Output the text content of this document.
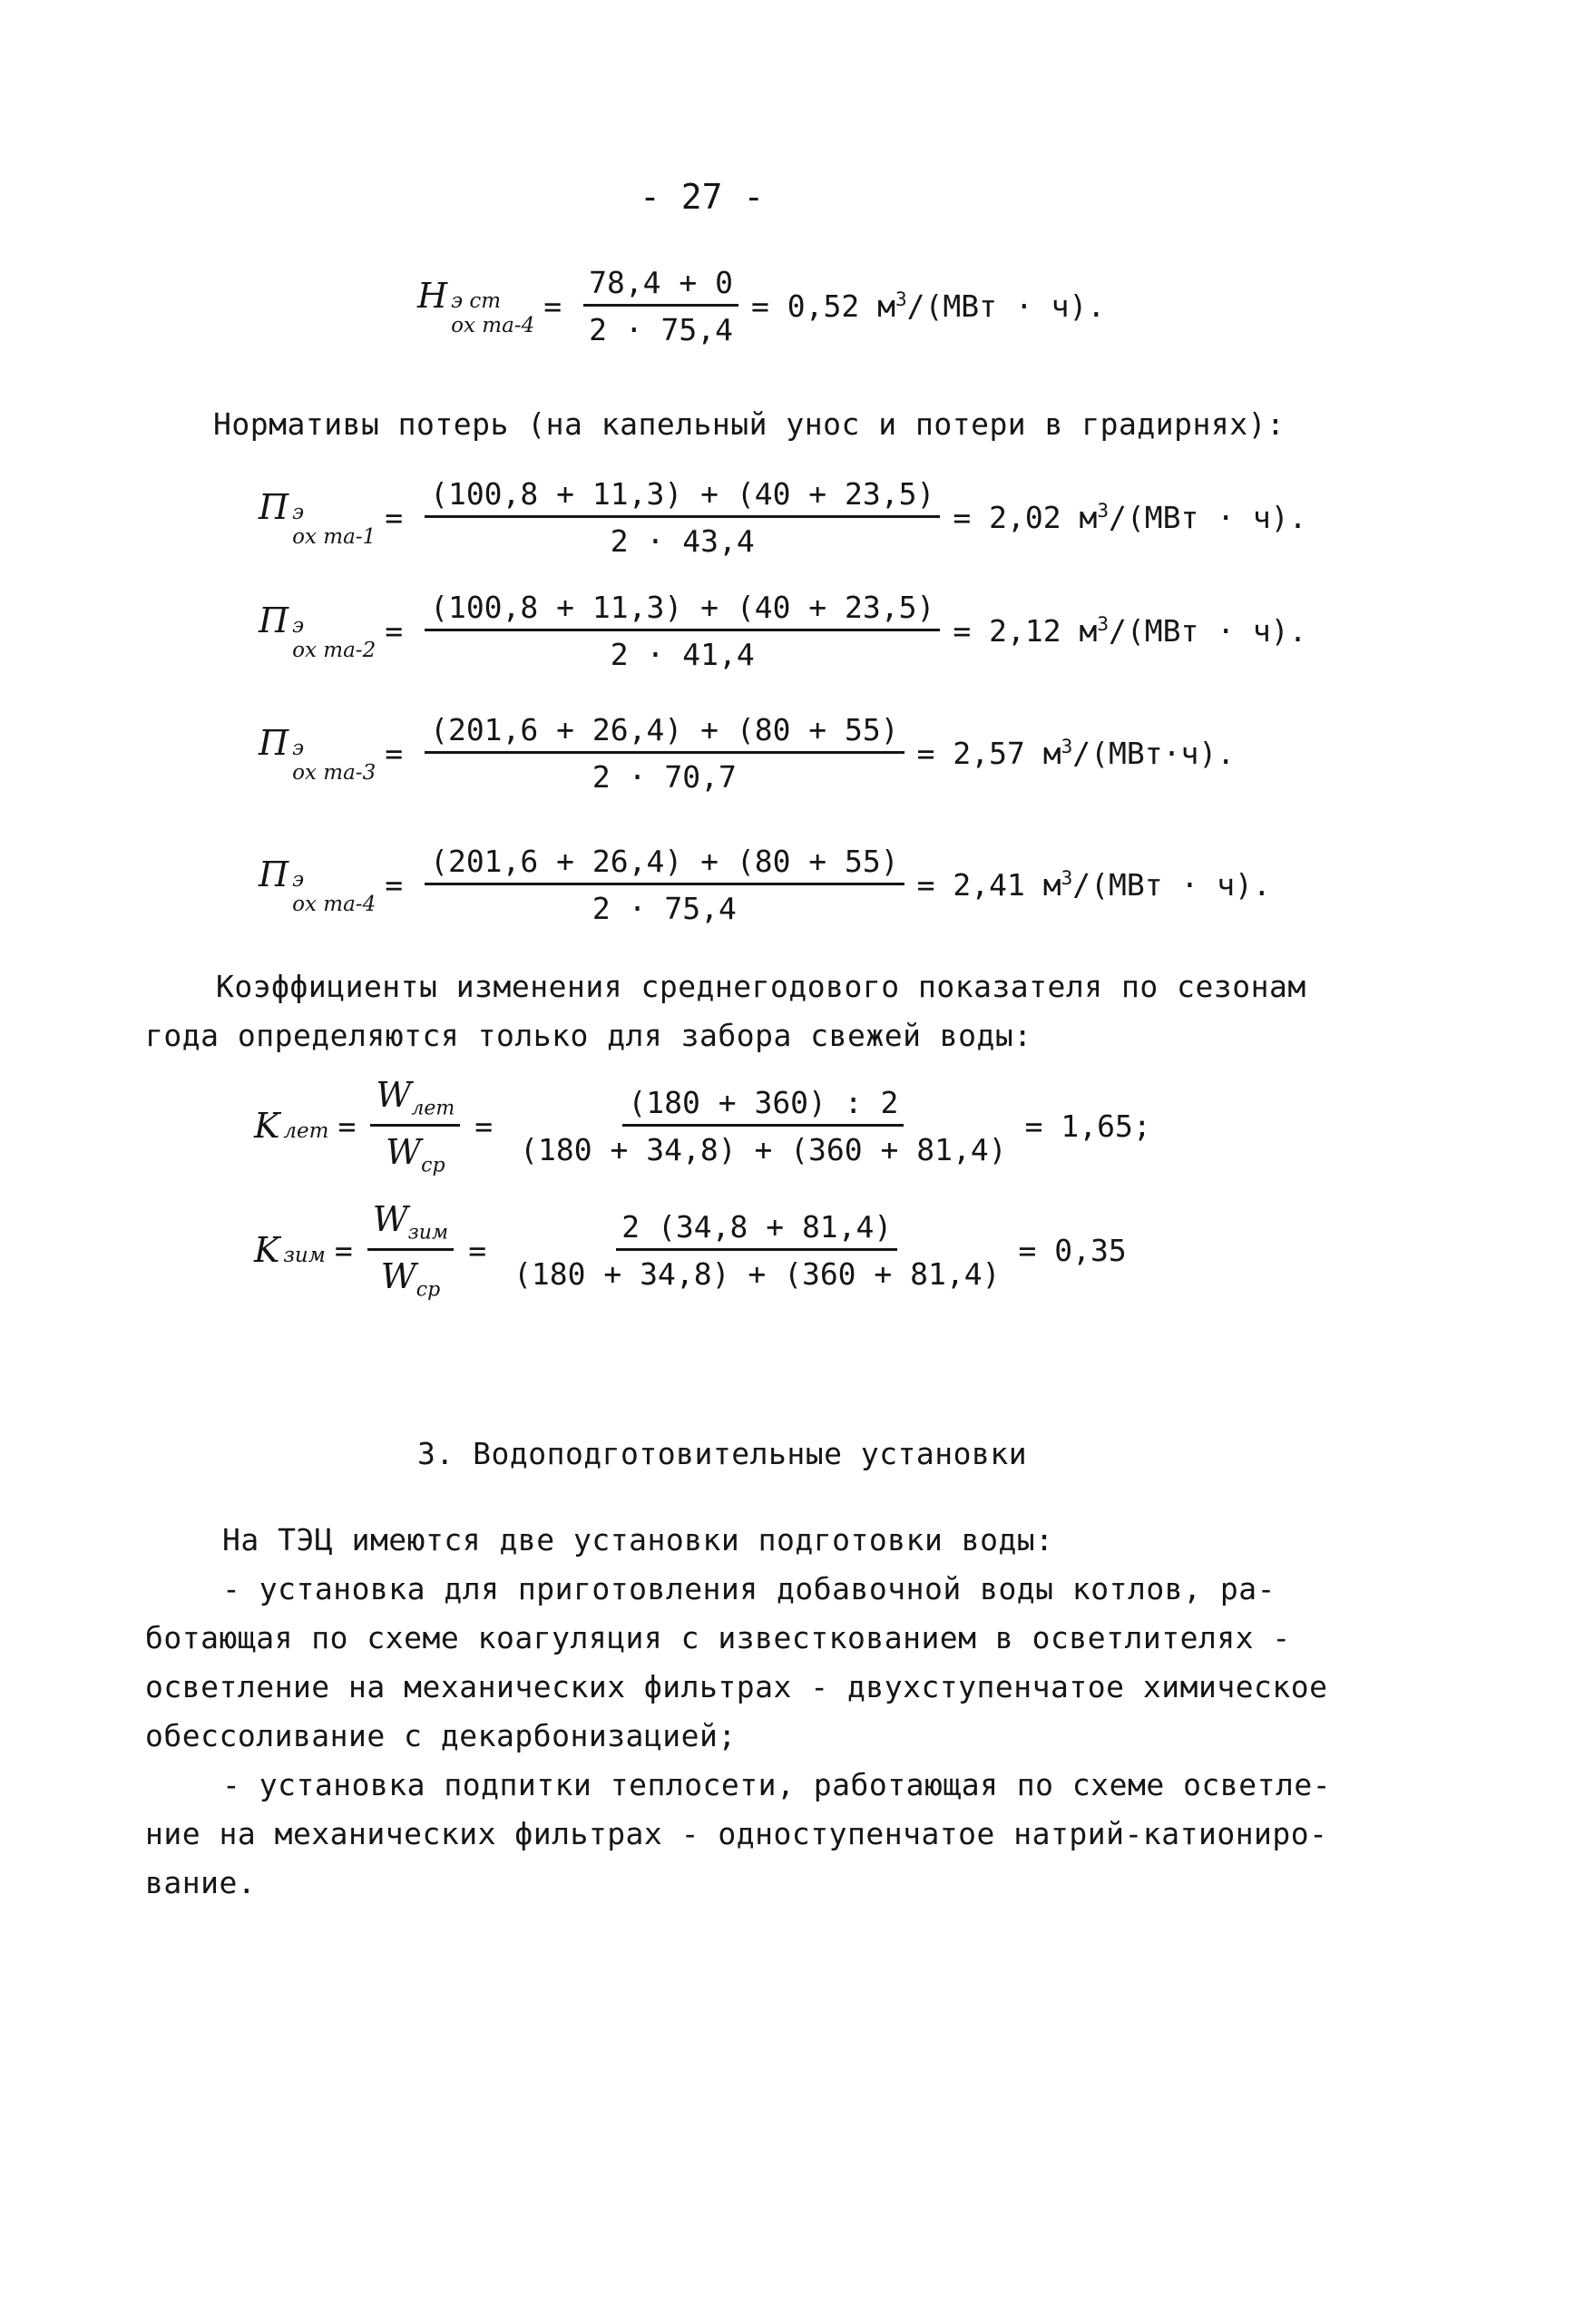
- 27 -
H э ст
ох та-4
= $\frac{78,4 + 0}{2 \cdot 75,4} = 0,52$ $м^3/(МВт \cdot ч)$.
Нормативы потерь (на капельный унос и потери в градирнях):
П э
ох та-1
= $\frac{(100,8 + 11,3) + (40 + 23,5)}{2 \cdot 43,4} = 2,02$ $м^3/(МВт \cdot ч)$.
П э
ох та-2
= $\frac{(100,8 + 11,3) + (40 + 23,5)}{2 \cdot 41,4} = 2,12$ $м^3/(МВт \cdot ч)$.
П э
ох та-3
= $\frac{(201,6 + 26,4) + (80 + 55)}{2 \cdot 70,7} = 2,57$ $м^3/(МВт\cdot ч)$.
П э
ох та-4
= $\frac{(201,6 + 26,4) + (80 + 55)}{2 \cdot 75,4} = 2,41$ $м^3/(МВт \cdot ч)$.
Коэффициенты изменения среднегодового показателя по сезонам
года определяются только для забора свежей воды:
K лет = $\frac{W_{лет}}{W_{ср}} = \frac{(180 + 360) : 2}{(180 + 34,8) + (360 + 81,4)} = 1,65$;
K зим = $\frac{W_{зим}}{W_{ср}} = \frac{2 (34,8 + 81,4)}{(180 + 34,8) + (360 + 81,4)} = 0,35$
3. Водоподготовительные установки
На ТЭЦ имеются две установки подготовки воды:
- установка для приготовления добавочной воды котлов, ра-
ботающая по схеме коагуляция с известкованием в осветлителях -
осветление на механических фильтрах - двухступенчатое химическое
обессоливание с декарбонизацией;
- установка подпитки теплосети, работающая по схеме осветле-
ние на механических фильтрах - одноступенчатое натрий-катионирo-
вание.
